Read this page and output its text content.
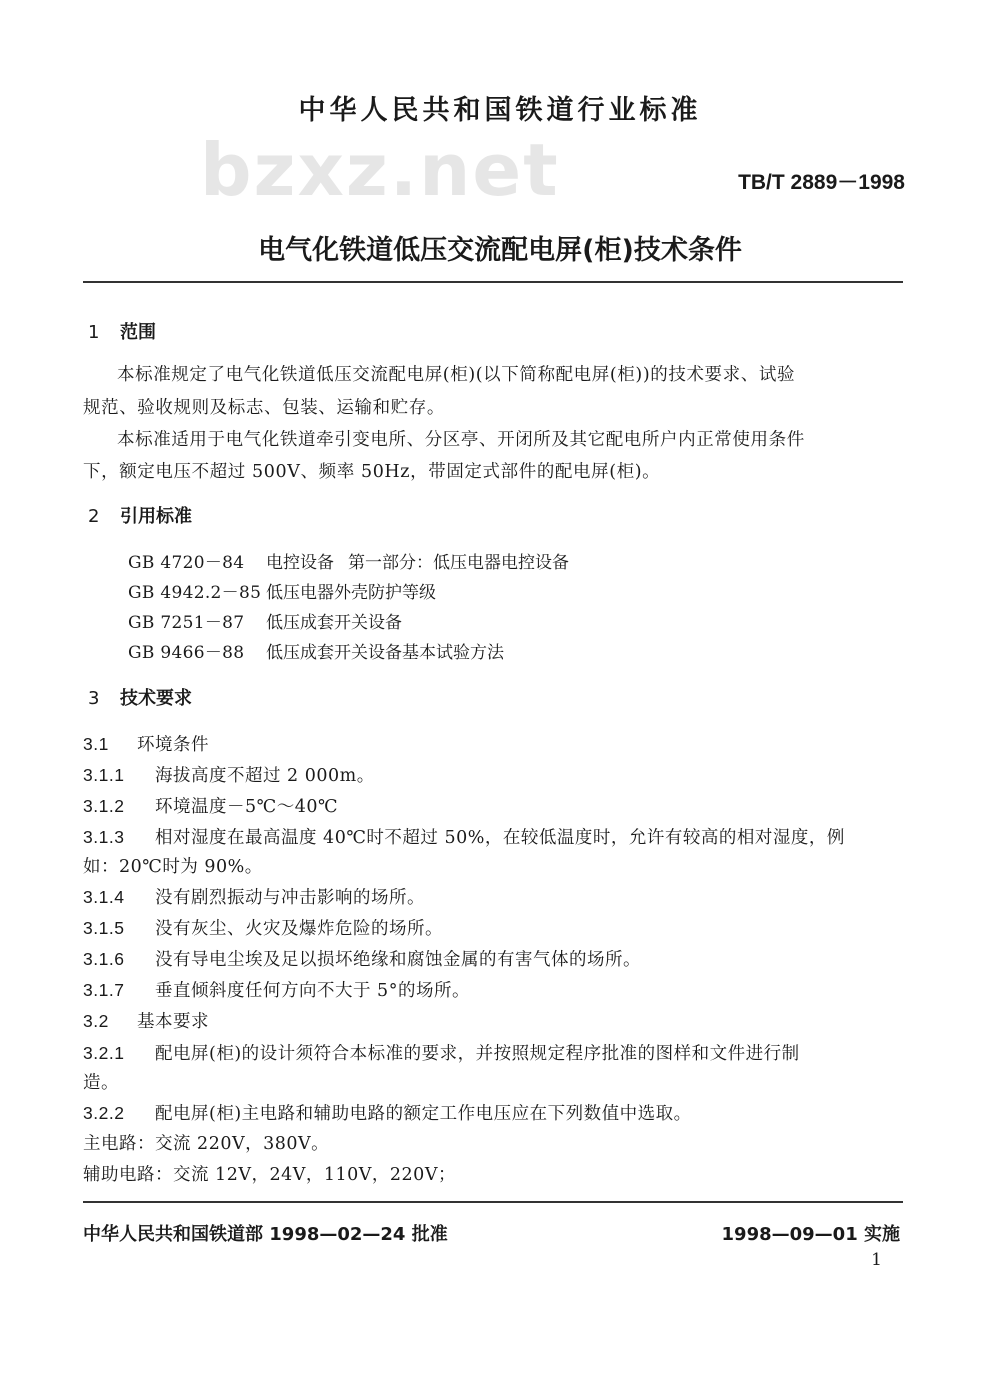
中华人民共和国铁道行业标准
bzxz.net	TB/T 2889－1998
电气化铁道低压交流配电屏(柜)技术条件
1 范围
本标准规定了电气化铁道低压交流配电屏(柜)(以下简称配电屏(柜))的技术要求、试验
规范、验收规则及标志、包装、运输和贮存。
本标准适用于电气化铁道牵引变电所、分区亭、开闭所及其它配电所户内正常使用条件
下，额定电压不超过 500V、频率 50Hz，带固定式部件的配电屏(柜)。
2 引用标准
GB 4720－84 电控设备 第一部分：低压电器电控设备
GB 4942.2－85 低压电器外壳防护等级
GB 7251－87 低压成套开关设备
GB 9466－88 低压成套开关设备基本试验方法
3 技术要求
3.1 环境条件
3.1.1 海拔高度不超过 2 000m。
3.1.2 环境温度－5℃～40℃
3.1.3 相对湿度在最高温度 40℃时不超过 50%，在较低温度时，允许有较高的相对湿度，例
如：20℃时为 90%。
3.1.4 没有剧烈振动与冲击影响的场所。
3.1.5 没有灰尘、火灾及爆炸危险的场所。
3.1.6 没有导电尘埃及足以损坏绝缘和腐蚀金属的有害气体的场所。
3.1.7 垂直倾斜度任何方向不大于 5°的场所。
3.2 基本要求
3.2.1 配电屏(柜)的设计须符合本标准的要求，并按照规定程序批准的图样和文件进行制
造。
3.2.2 配电屏(柜)主电路和辅助电路的额定工作电压应在下列数值中选取。
主电路：交流 220V，380V。
辅助电路：交流 12V，24V，110V，220V；
中华人民共和国铁道部 1998—02—24 批准	1998—09—01 实施
1
